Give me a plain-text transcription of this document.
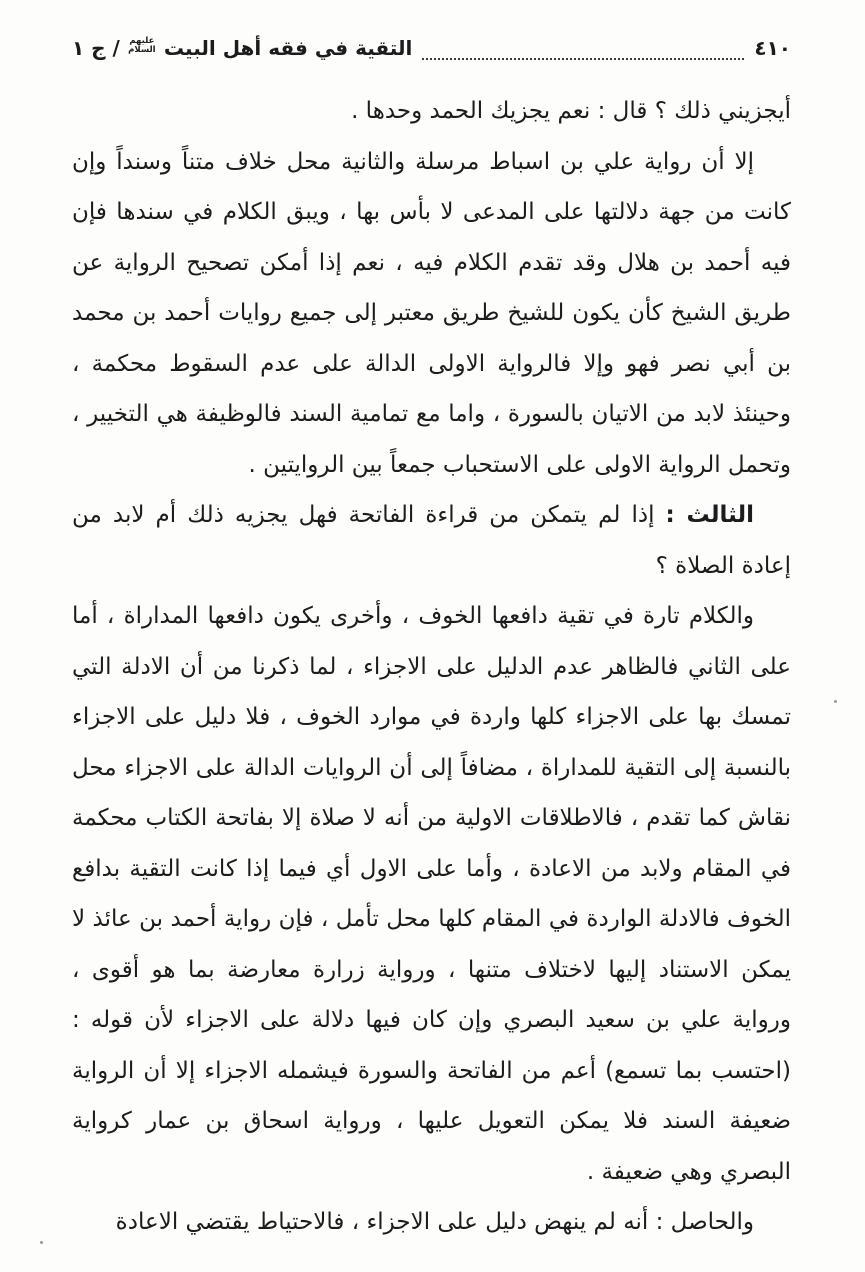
٤١٠
التقية في فقه أهل البيت
عليهم السلام
/ ج ١

أيجزيني ذلك ؟ قال : نعم يجزيك الحمد وحدها .

إلا أن رواية علي بن اسباط مرسلة والثانية محل خلاف متناً وسنداً وإن كانت من جهة دلالتها على المدعى لا بأس بها ، ويبق الكلام في سندها فإن فيه أحمد بن هلال وقد تقدم الكلام فيه ، نعم إذا أمكن تصحيح الرواية عن طريق الشيخ كأن يكون للشيخ طريق معتبر إلى جميع روايات أحمد بن محمد بن أبي نصر فهو وإلا فالرواية الاولى الدالة على عدم السقوط محكمة ، وحينئذ لابد من الاتيان بالسورة ، واما مع تمامية السند فالوظيفة هي التخيير ، وتحمل الرواية الاولى على الاستحباب جمعاً بين الروايتين .

الثالث : إذا لم يتمكن من قراءة الفاتحة فهل يجزيه ذلك أم لابد من إعادة الصلاة ؟

والكلام تارة في تقية دافعها الخوف ، وأخرى يكون دافعها المداراة ، أما على الثاني فالظاهر عدم الدليل على الاجزاء ، لما ذكرنا من أن الادلة التي تمسك بها على الاجزاء كلها واردة في موارد الخوف ، فلا دليل على الاجزاء بالنسبة إلى التقية للمداراة ، مضافاً إلى أن الروايات الدالة على الاجزاء محل نقاش كما تقدم ، فالاطلاقات الاولية من أنه لا صلاة إلا بفاتحة الكتاب محكمة في المقام ولابد من الاعادة ، وأما على الاول أي فيما إذا كانت التقية بدافع الخوف فالادلة الواردة في المقام كلها محل تأمل ، فإن رواية أحمد بن عائذ لا يمكن الاستناد إليها لاختلاف متنها ، ورواية زرارة معارضة بما هو أقوى ، ورواية علي بن سعيد البصري وإن كان فيها دلالة على الاجزاء لأن قوله : (احتسب بما تسمع) أعم من الفاتحة والسورة فيشمله الاجزاء إلا أن الرواية ضعيفة السند فلا يمكن التعويل عليها ، ورواية اسحاق بن عمار كرواية البصري وهي ضعيفة .

والحاصل : أنه لم ينهض دليل على الاجزاء ، فالاحتياط يقتضي الاعادة
